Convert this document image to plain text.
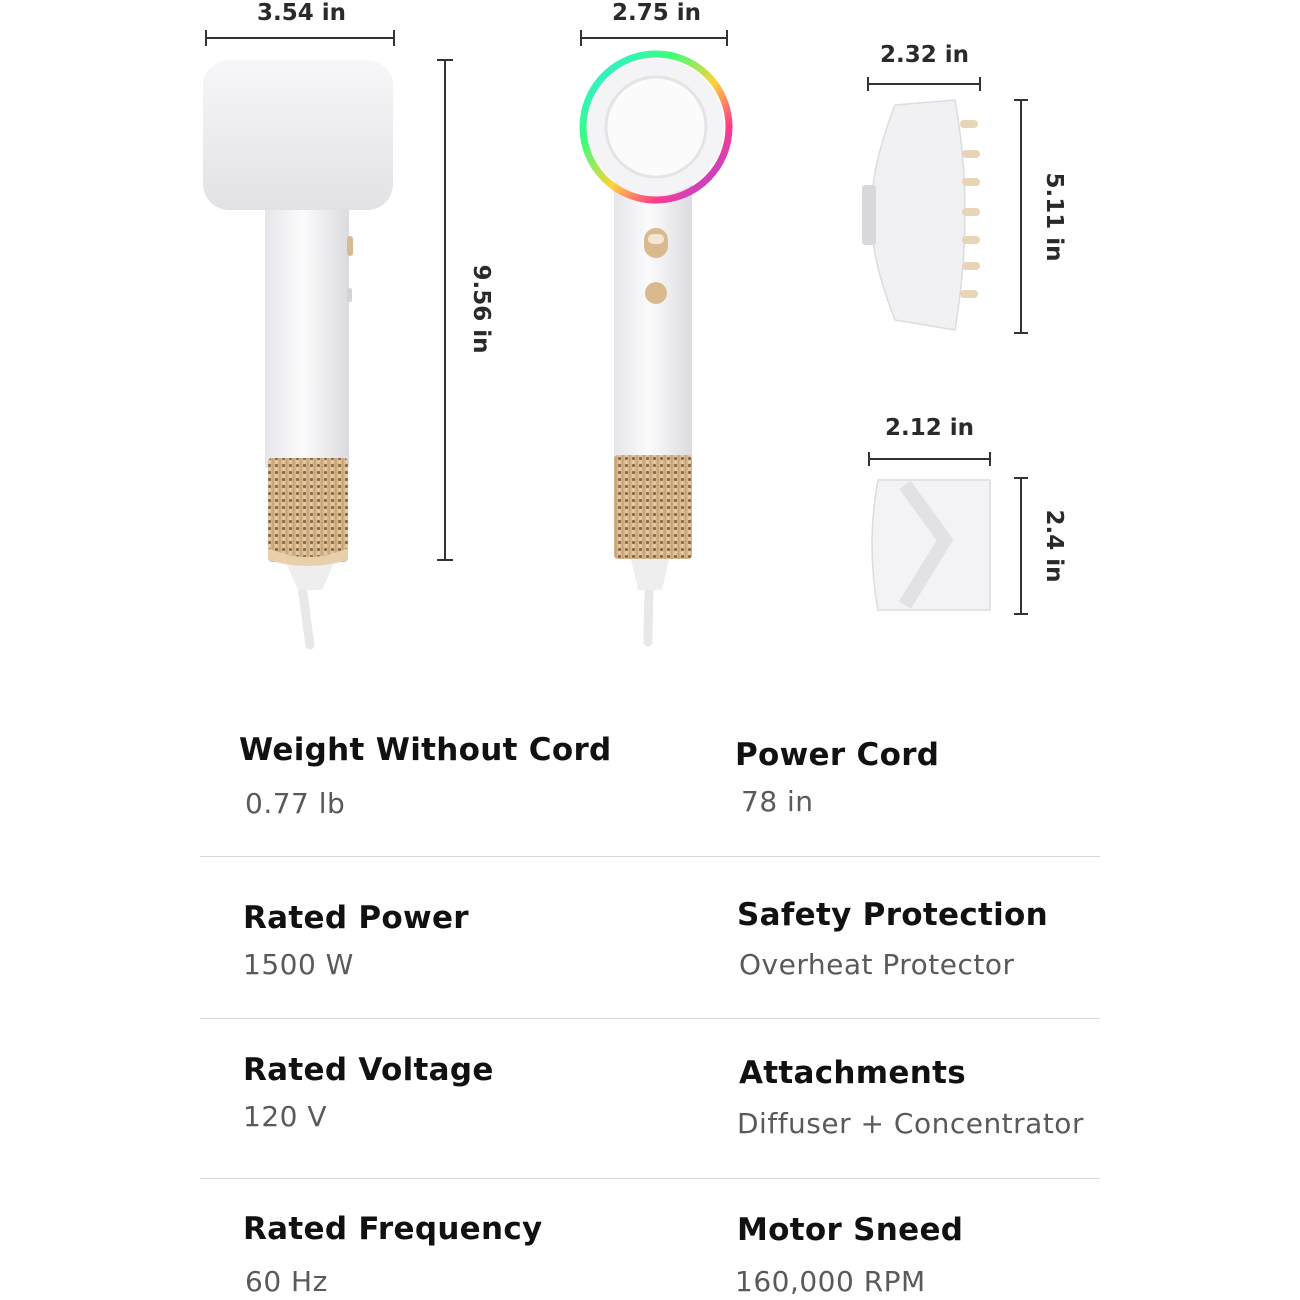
3.54 in	2.75 in
9.56 in
2.32 in
5.11 in
2.12 in
2.4 in
Weight Without Cord
0.77 lb
Power Cord
78 in
Rated Power
1500 W
Safety Protection
Overheat Protector
Rated Voltage
120 V
Attachments
Diffuser + Concentrator
Rated Frequency
60 Hz
Motor Sneed
160,000 RPM
